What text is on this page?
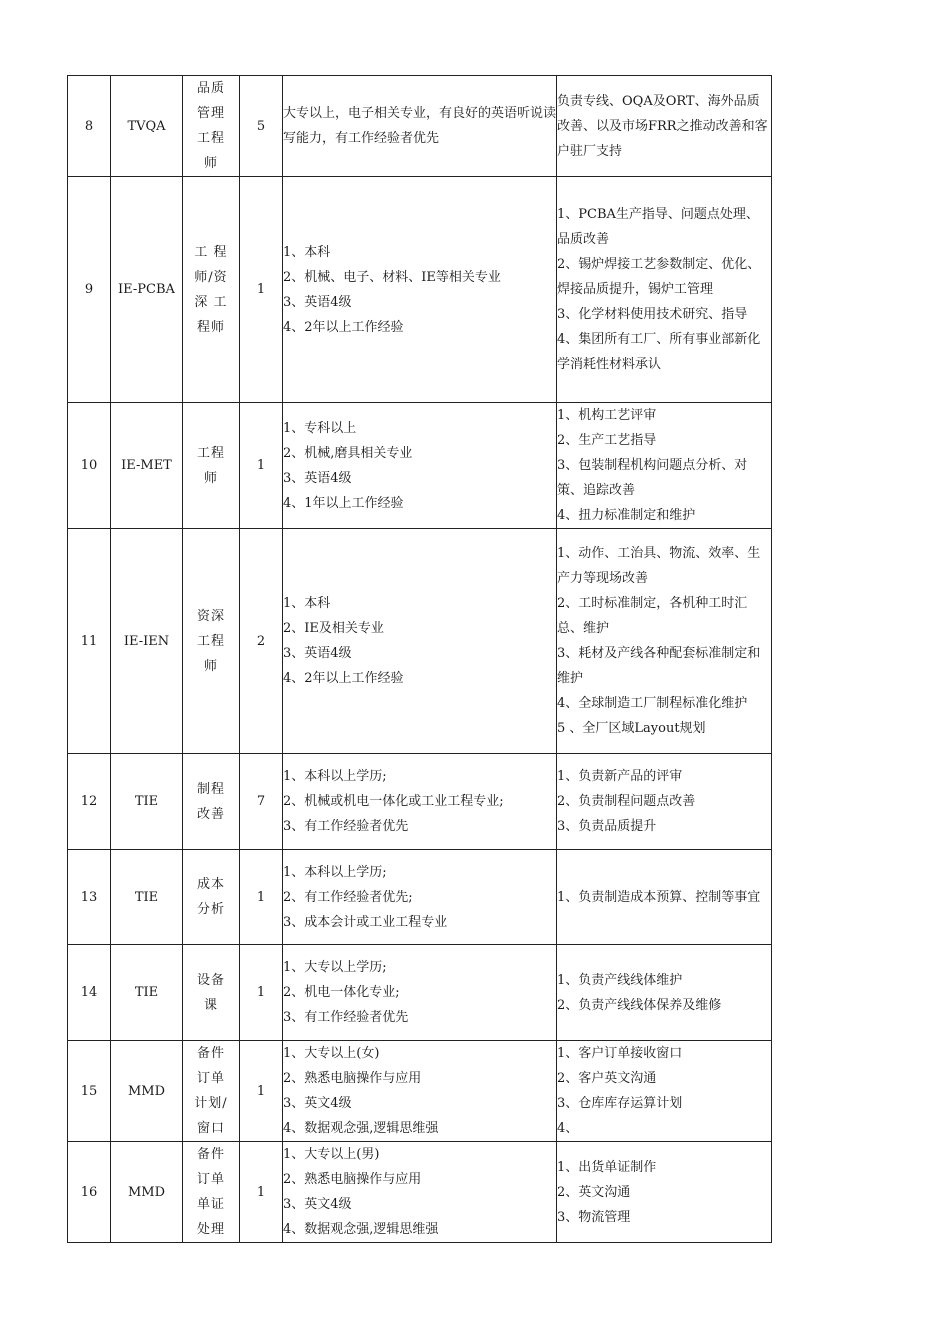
8	TVQA	品质
管理
工程
师	5	大专以上，电子相关专业，有良好的英语听说读写能力，有工作经验者优先	负责专线、OQA及ORT、海外品质改善、以及市场FRR之推动改善和客户驻厂支持

9	IE-PCBA	工 程
师/资
深 工
程师	1	1、本科
2、机械、电子、材料、IE等相关专业
3、英语4级
4、2年以上工作经验	1、PCBA生产指导、问题点处理、品质改善
2、锡炉焊接工艺参数制定、优化、焊接品质提升，锡炉工管理
3、化学材料使用技术研究、指导
4、集团所有工厂、所有事业部新化学消耗性材料承认

10	IE-MET	工程
师	1	1、专科以上
2、机械,磨具相关专业
3、英语4级
4、1年以上工作经验	1、机构工艺评审
2、生产工艺指导
3、包装制程机构问题点分析、对策、追踪改善
4、扭力标准制定和维护

11	IE-IEN	资深
工程
师	2	1、本科
2、IE及相关专业
3、英语4级
4、2年以上工作经验	1、动作、工治具、物流、效率、生产力等现场改善
2、工时标准制定，各机种工时汇总、维护
3、耗材及产线各种配套标准制定和维护
4、全球制造工厂制程标准化维护
5 、全厂区域Layout规划

12	TIE	制程
改善	7	1、本科以上学历;
2、机械或机电一体化或工业工程专业;
3、有工作经验者优先	1、负责新产品的评审
2、负责制程问题点改善
3、负责品质提升

13	TIE	成本
分析	1	1、本科以上学历;
2、有工作经验者优先;
3、成本会计或工业工程专业	1、负责制造成本预算、控制等事宜

14	TIE	设备
课	1	1、大专以上学历;
2、机电一体化专业;
3、有工作经验者优先	1、负责产线线体维护
2、负责产线线体保养及维修

15	MMD	备件
订单
计划/
窗口	1	1、大专以上(女)
2、熟悉电脑操作与应用
3、英文4级
4、数据观念强,逻辑思维强	1、客户订单接收窗口
2、客户英文沟通
3、仓库库存运算计划
4、

16	MMD	备件
订单
单证
处理	1	1、大专以上(男)
2、熟悉电脑操作与应用
3、英文4级
4、数据观念强,逻辑思维强	1、出货单证制作
2、英文沟通
3、物流管理
